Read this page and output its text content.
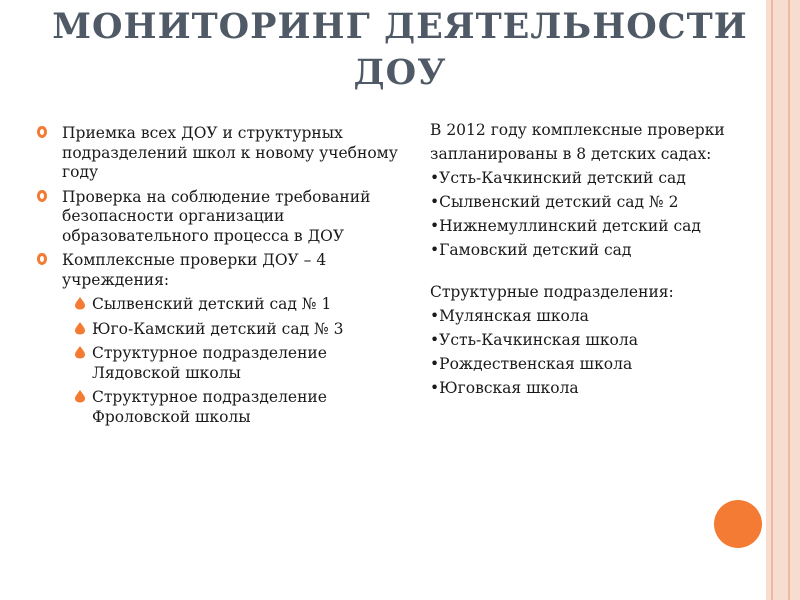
МОНИТОРИНГ ДЕЯТЕЛЬНОСТИ
ДОУ
Приемка всех ДОУ и структурных подразделений школ к новому учебному году
Проверка на соблюдение требований безопасности организации образовательного процесса в ДОУ
Комплексные проверки ДОУ – 4 учреждения:
Сылвенский детский сад № 1
Юго-Камский детский сад № 3
Структурное подразделение Лядовской школы
Структурное подразделение Фроловской школы

В 2012 году комплексные проверки запланированы в 8 детских садах:

•Усть-Качкинский детский сад
•Сылвенский детский сад № 2
•Нижнемуллинский детский сад
•Гамовский детский сад

Структурные подразделения:

•Мулянская школа
•Усть-Качкинская школа
•Рождественская школа
•Юговская школа
